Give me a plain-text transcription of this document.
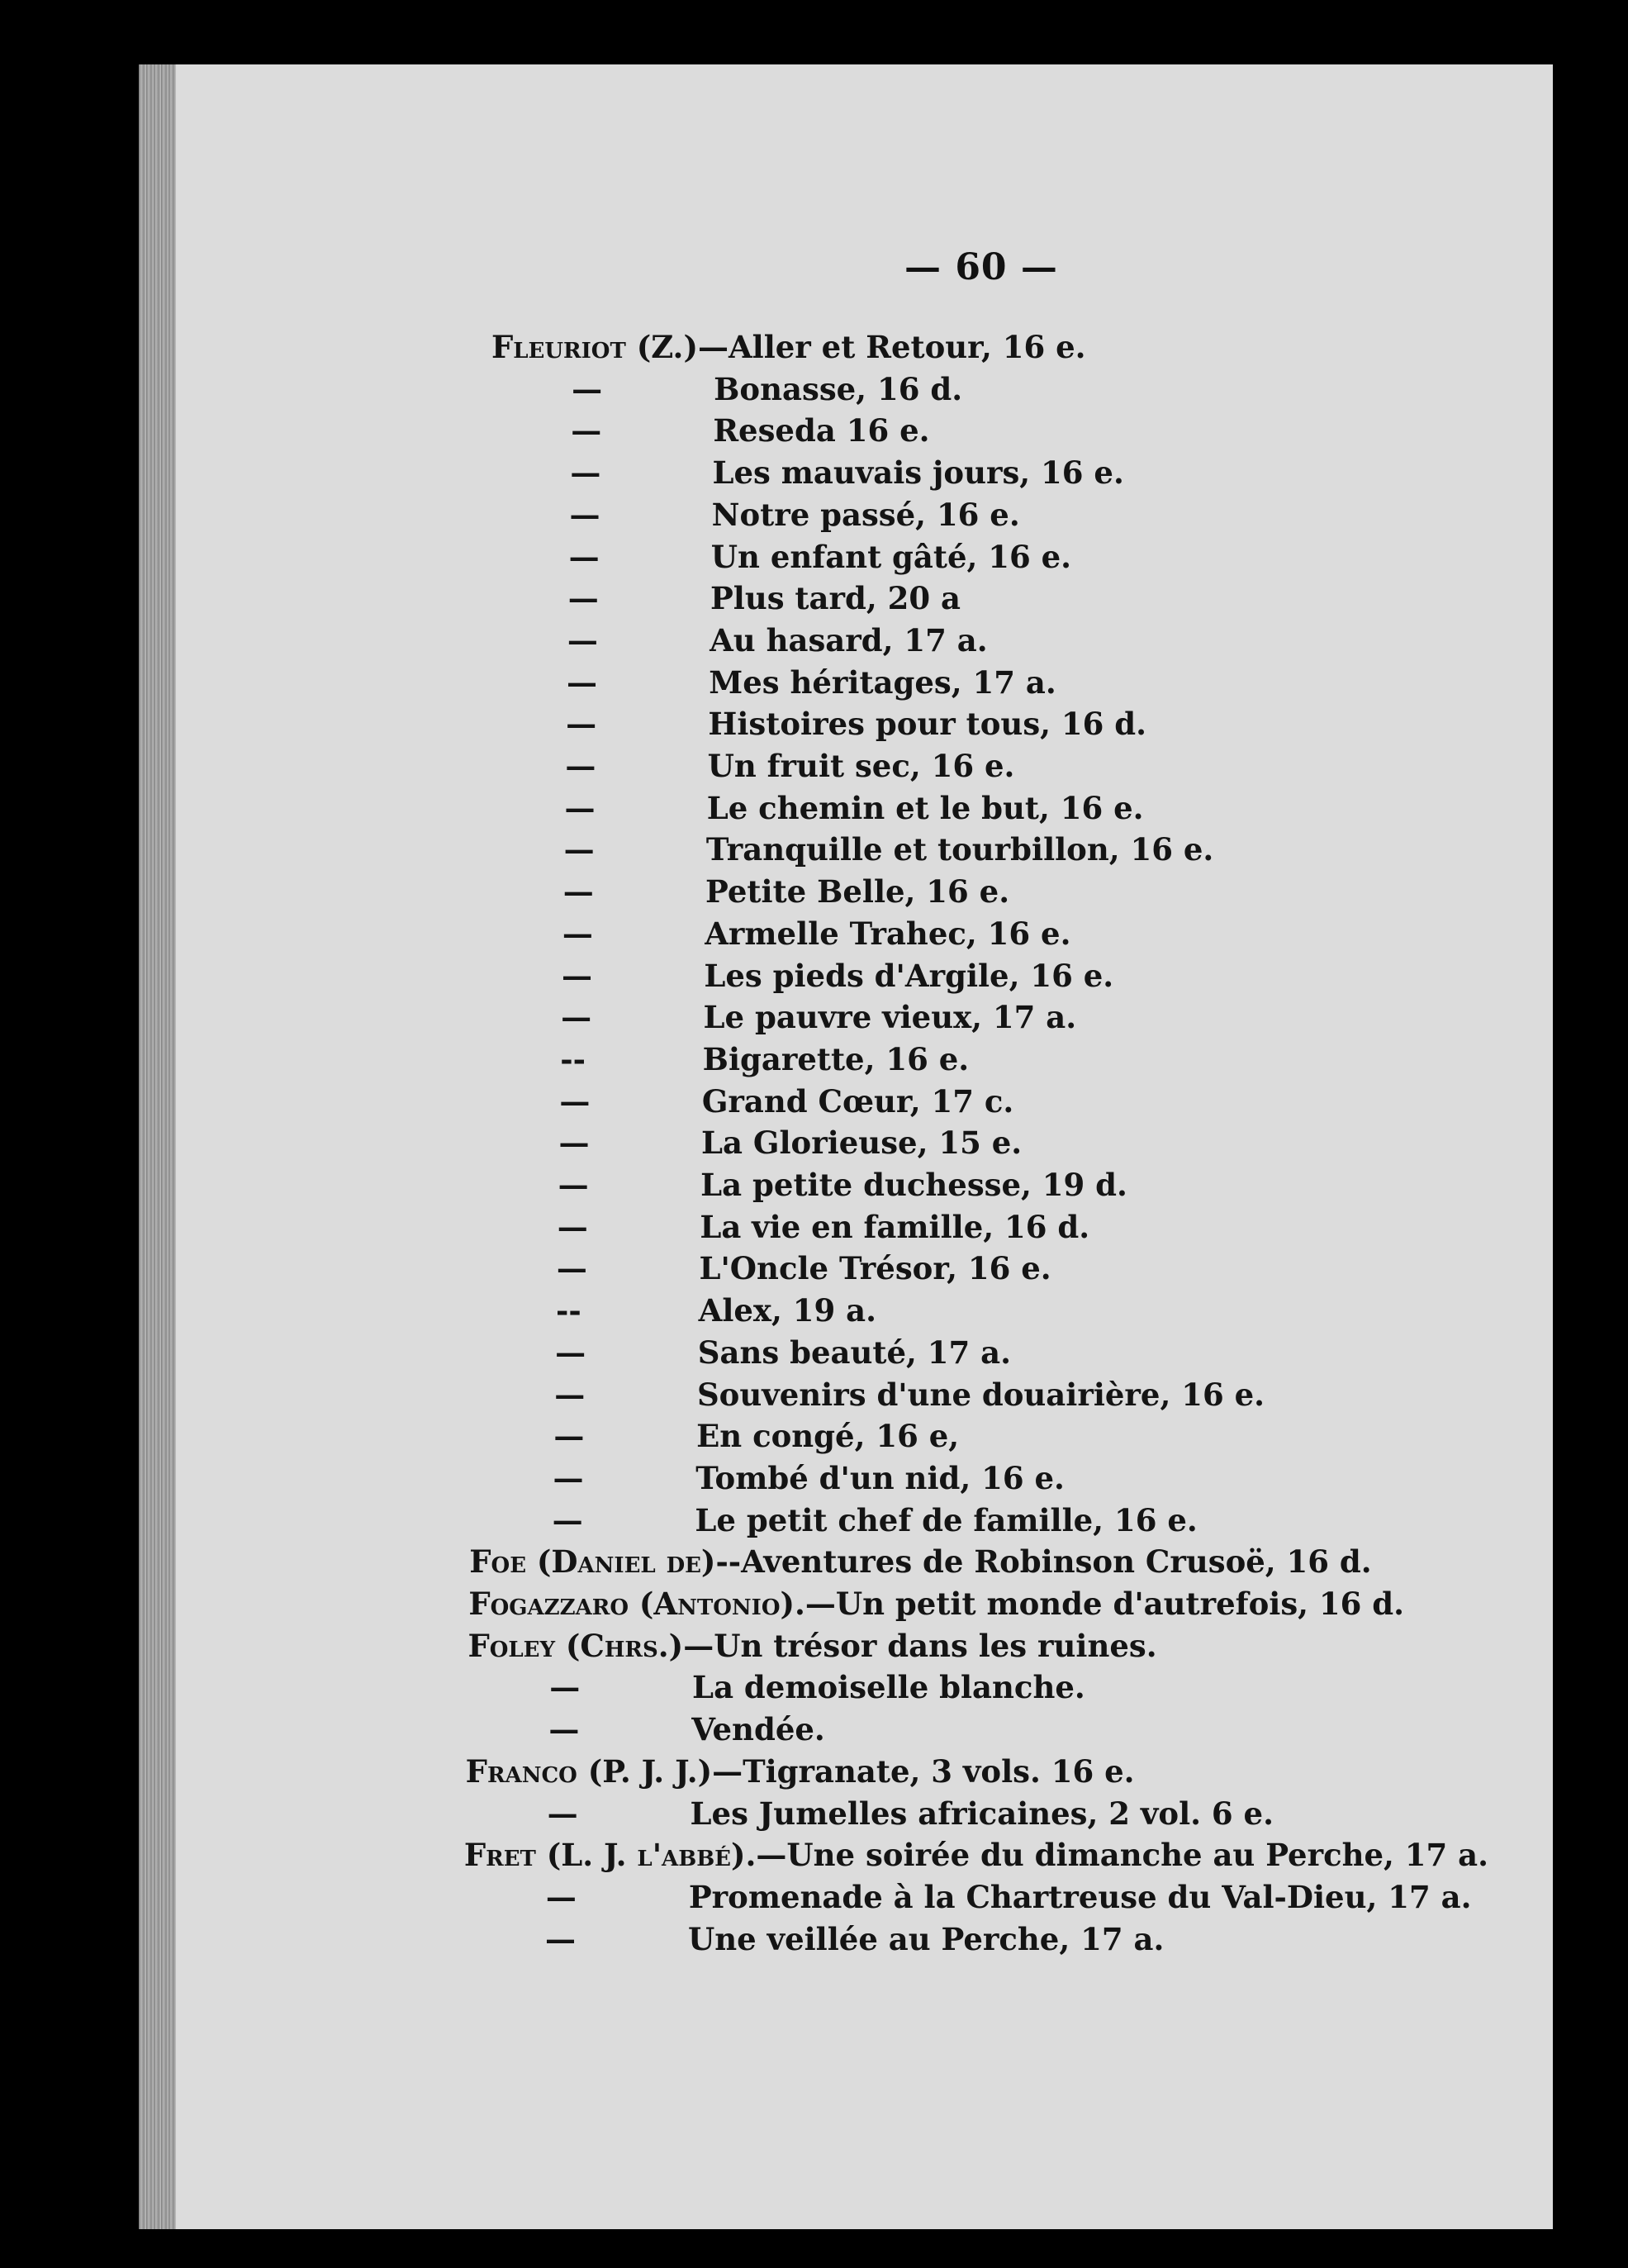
— 60 —
Fleuriot (Z.)—Aller et Retour, 16 e.
—	Bonasse, 16 d.
—	Reseda 16 e.
—	Les mauvais jours, 16 e.
—	Notre passé, 16 e.
—	Un enfant gâté, 16 e.
—	Plus tard, 20 a
—	Au hasard, 17 a.
—	Mes héritages, 17 a.
—	Histoires pour tous, 16 d.
—	Un fruit sec, 16 e.
—	Le chemin et le but, 16 e.
—	Tranquille et tourbillon, 16 e.
—	Petite Belle, 16 e.
—	Armelle Trahec, 16 e.
—	Les pieds d'Argile, 16 e.
—	Le pauvre vieux, 17 a.
--	Bigarette, 16 e.
—	Grand Cœur, 17 c.
—	La Glorieuse, 15 e.
—	La petite duchesse, 19 d.
—	La vie en famille, 16 d.
—	L'Oncle Trésor, 16 e.
--	Alex, 19 a.
—	Sans beauté, 17 a.
—	Souvenirs d'une douairière, 16 e.
—	En congé, 16 e,
—	Tombé d'un nid, 16 e.
—	Le petit chef de famille, 16 e.
Foe (Daniel de)--Aventures de Robinson Crusoë, 16 d.
Fogazzaro (Antonio).—Un petit monde d'autrefois, 16 d.
Foley (Chrs.)—Un trésor dans les ruines.
—	La demoiselle blanche.
—	Vendée.
Franco (P. J. J.)—Tigranate, 3 vols. 16 e.
—	Les Jumelles africaines, 2 vol. 6 e.
Fret (L. J. l'abbé).—Une soirée du dimanche au Perche, 17 a.
—	Promenade à la Chartreuse du Val-Dieu, 17 a.
—	Une veillée au Perche, 17 a.
